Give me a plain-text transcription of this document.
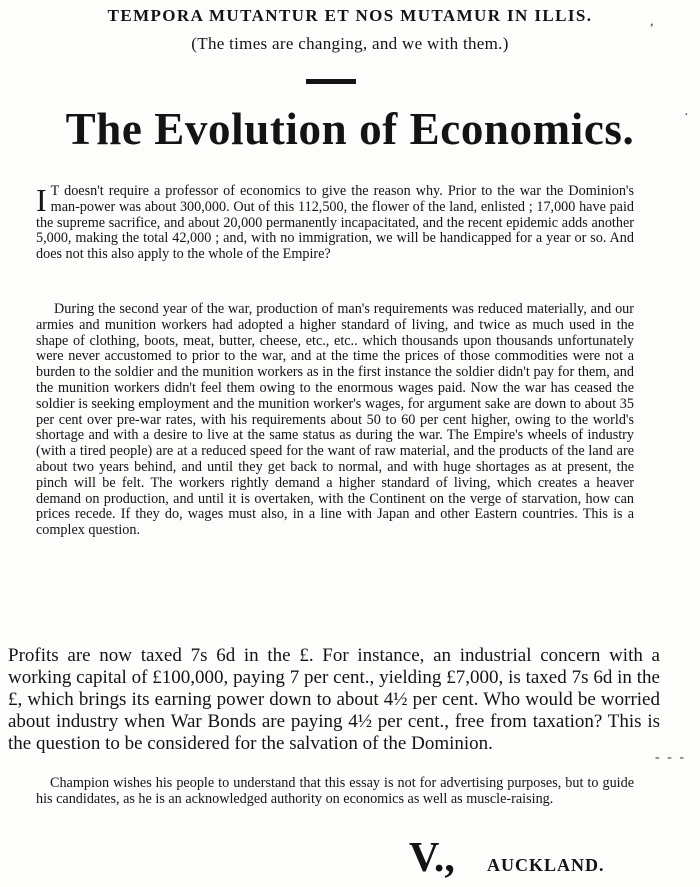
TEMPORA MUTANTUR ET NOS MUTAMUR IN ILLIS.
(The times are changing, and we with them.)
The Evolution of Economics.
I T doesn't require a professor of economics to give the reason why. Prior to the war the Dominion's man-power was about 300,000. Out of this 112,500, the flower of the land, enlisted ; 17,000 have paid the supreme sacrifice, and about 20,000 permanently incapacitated, and the recent epidemic adds another 5,000, making the total 42,000 ; and, with no immigration, we will be handicapped for a year or so. And does not this also apply to the whole of the Empire?
During the second year of the war, production of man's requirements was reduced materially, and our armies and munition workers had adopted a higher standard of living, and twice as much used in the shape of clothing, boots, meat, butter, cheese, etc., etc.. which thousands upon thousands unfortunately were never accustomed to prior to the war, and at the time the prices of those commodities were not a burden to the soldier and the munition workers as in the first instance the soldier didn't pay for them, and the munition workers didn't feel them owing to the enormous wages paid. Now the war has ceased the soldier is seeking employment and the munition worker's wages, for argument sake are down to about 35 per cent over pre-war rates, with his requirements about 50 to 60 per cent higher, owing to the world's shortage and with a desire to live at the same status as during the war. The Empire's wheels of industry (with a tired people) are at a reduced speed for the want of raw material, and the products of the land are about two years behind, and until they get back to normal, and with huge shortages as at present, the pinch will be felt. The workers rightly demand a higher standard of living, which creates a heaver demand on production, and until it is overtaken, with the Continent on the verge of starvation, how can prices recede. If they do, wages must also, in a line with Japan and other Eastern countries. This is a complex question.
Profits are now taxed 7s 6d in the £. For instance, an industrial concern with a working capital of £100,000, paying 7 per cent., yielding £7,000, is taxed 7s 6d in the £, which brings its earning power down to about 4½ per cent. Who would be worried about industry when War Bonds are paying 4½ per cent., free from taxation? This is the question to be considered for the salvation of the Dominion.
Champion wishes his people to understand that this essay is not for advertising purposes, but to guide his candidates, as he is an acknowledged authority on economics as well as muscle-raising.
V., AUCKLAND.
,
·
- - -
